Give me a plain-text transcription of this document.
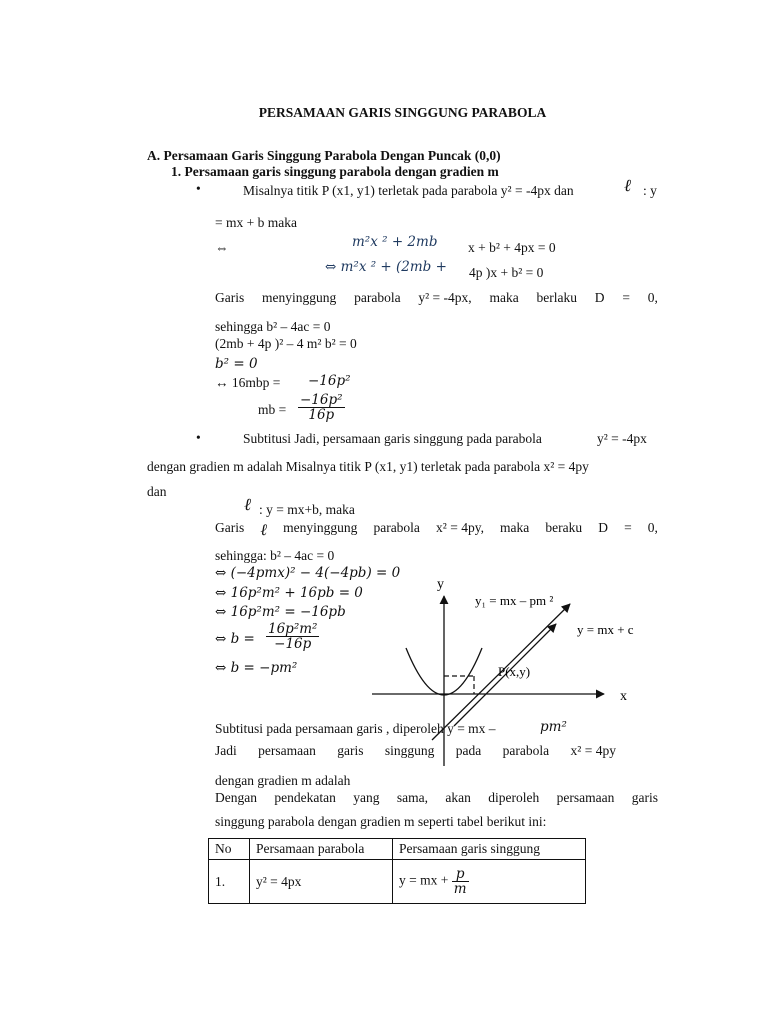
PERSAMAAN GARIS SINGGUNG PARABOLA
A. Persamaan Garis Singgung Parabola Dengan Puncak (0,0)
1. Persamaan garis singgung parabola dengan gradien m
•	Misalnya titik P (x1, y1) terletak pada parabola y² = -4px dan	ℓ : y
= mx + b maka
⇔	m²x ² + 2mb x + b² + 4px = 0
⇔ m²x ² + (2mb + 4p )x + b² = 0
Garis menyinggung parabola y² = -4px, maka berlaku D = 0,
sehingga b² – 4ac = 0
(2mb + 4p )² – 4 m² b² = 0
b² = 0
↔ 16mbp = −16p²
mb = $\frac{\text{−16p²}}{16p}$
•	Subtitusi Jadi, persamaan garis singgung pada parabola	y² = -4px
dengan gradien m adalah Misalnya titik P (x1, y1) terletak pada parabola x² = 4py
dan
ℓ : y = mx+b, maka
Garis ℓ menyinggung parabola x² = 4py, maka beraku D = 0,
sehingga: b² – 4ac = 0
⇔ (−4pmx)² − 4(−4pb) = 0
⇔ 16p²m² + 16pb = 0
⇔ 16p²m² = −16pb
⇔ $b = \frac{\text{16p²m²}}{-16p}$
⇔ b = −pm²
y
x
y₁ = mx – pm ²
y = mx + c
P(x,y)
Subtitusi pada persamaan garis , diperoleh y = mx –	pm²
Jadi persamaan garis singgung pada parabola x² = 4py
dengan gradien m adalah
Dengan pendekatan yang sama, akan diperoleh persamaan garis
singgung parabola dengan gradien m seperti tabel berikut ini:
No	Persamaan parabola	Persamaan garis singgung
1.	y² = 4px	y = mx + $\frac{p}{m}$
